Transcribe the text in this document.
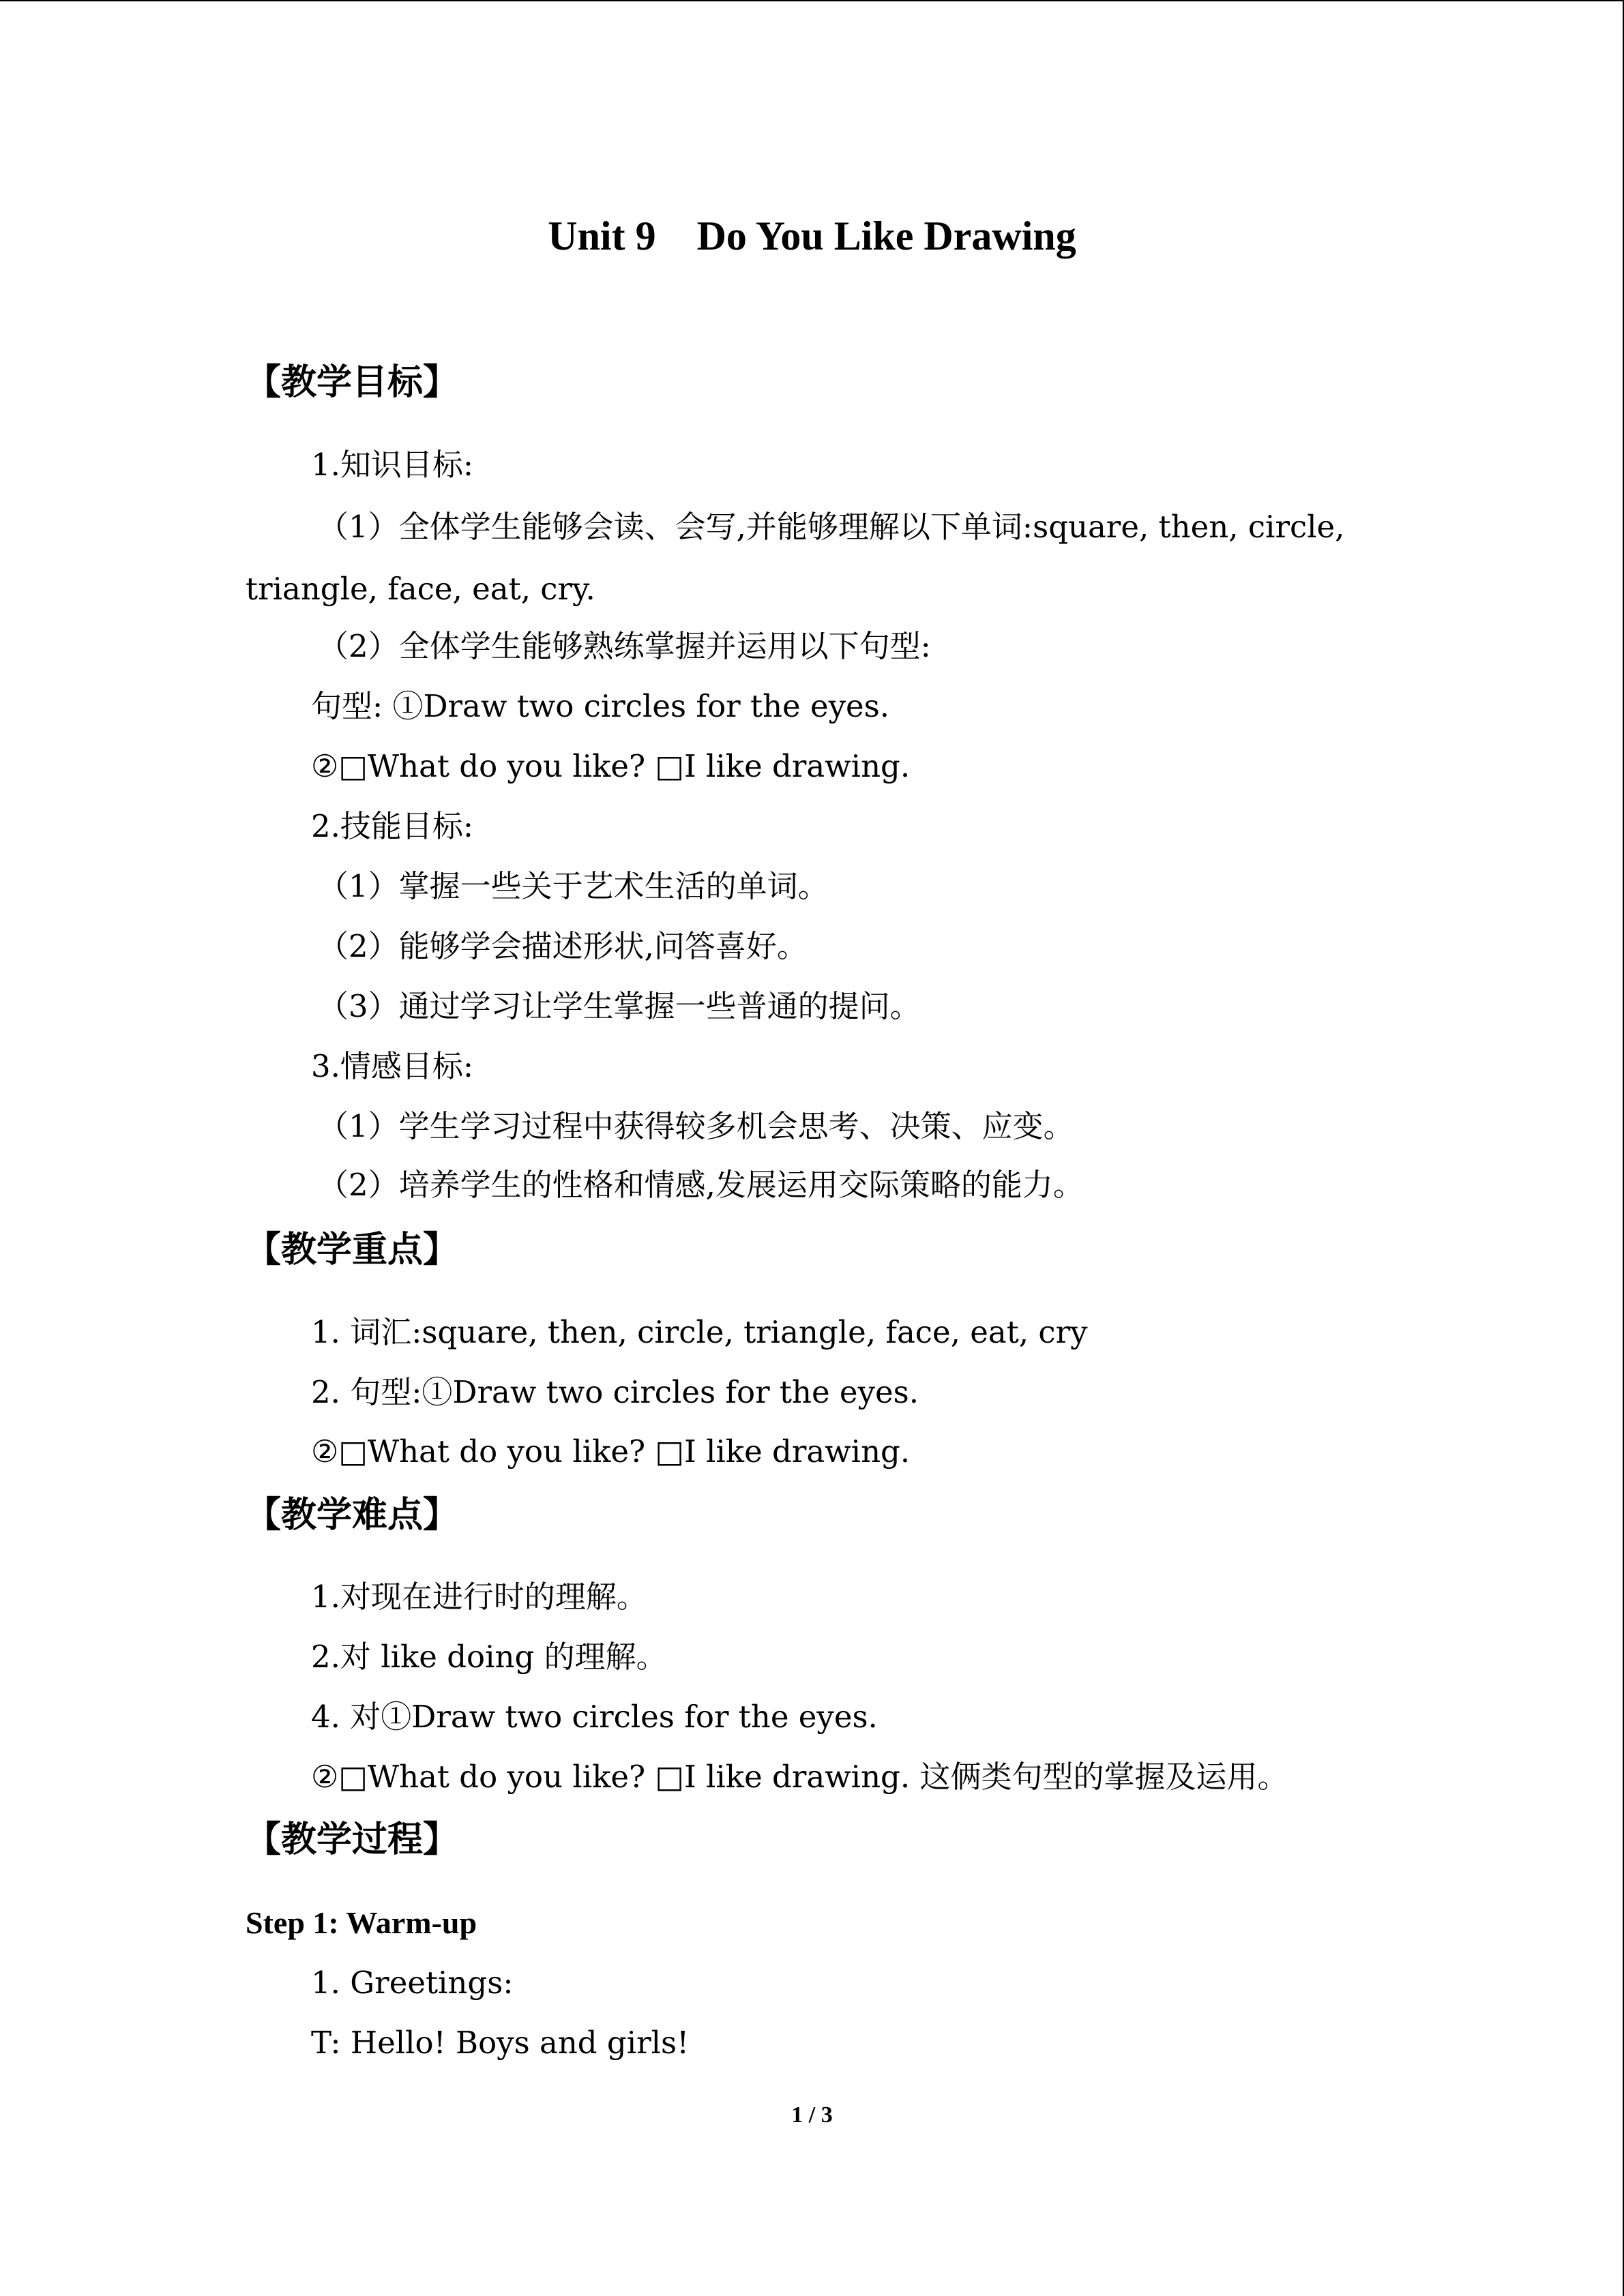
Unit 9    Do You Like Drawing

【教学目标】

1.知识目标:

（1）全体学生能够会读、会写,并能够理解以下单词:square, then, circle,

triangle, face, eat, cry.

（2）全体学生能够熟练掌握并运用以下句型:

句型: ①Draw two circles for the eyes.

②□What do you like? □I like drawing.

2.技能目标:

（1）掌握一些关于艺术生活的单词。

（2）能够学会描述形状,问答喜好。

（3）通过学习让学生掌握一些普通的提问。

3.情感目标:

（1）学生学习过程中获得较多机会思考、决策、应变。

（2）培养学生的性格和情感,发展运用交际策略的能力。

【教学重点】

1. 词汇:square, then, circle, triangle, face, eat, cry

2. 句型:①Draw two circles for the eyes.

②□What do you like? □I like drawing.

【教学难点】

1.对现在进行时的理解。

2.对 like doing 的理解。

4. 对①Draw two circles for the eyes.

②□What do you like? □I like drawing. 这俩类句型的掌握及运用。

【教学过程】

Step 1: Warm-up

1. Greetings:

T: Hello! Boys and girls!

1 / 3
